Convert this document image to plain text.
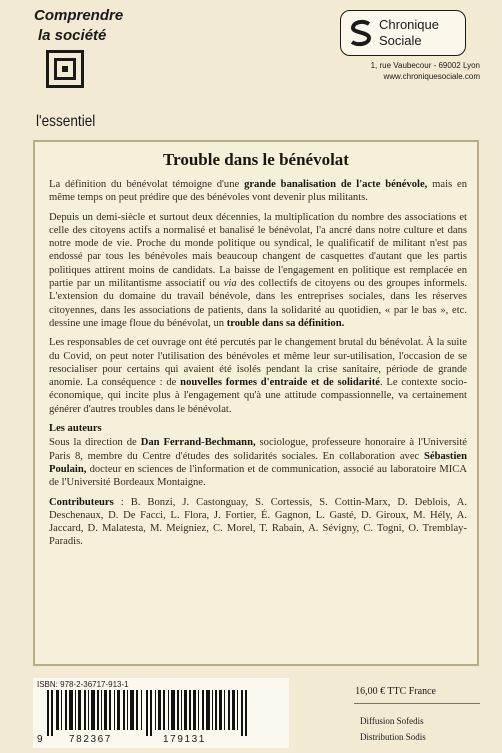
Comprendre
la société
l'essentiel
Chronique
Sociale
1, rue Vaubecour - 69002 Lyon
www.chroniquesociale.com
Trouble dans le bénévolat

La définition du bénévolat témoigne d'une grande banalisation de l'acte bénévole, mais en même temps on peut prédire que des bénévoles vont devenir plus militants.

Depuis un demi-siècle et surtout deux décennies, la multiplication du nombre des associations et celle des citoyens actifs a normalisé et banalisé le bénévolat, l'a ancré dans notre culture et dans notre mode de vie. Proche du monde politique ou syndical, le qualificatif de militant n'est pas endossé par tous les bénévoles mais beaucoup changent de casquettes d'autant que les partis politiques attirent moins de candidats. La baisse de l'engagement en politique est remplacée en partie par un militantisme associatif ou via des collectifs de citoyens ou des groupes informels. L'extension du domaine du travail bénévole, dans les entreprises sociales, dans les réserves citoyennes, dans les associations de patients, dans la solidarité au quotidien, « par le bas », etc. dessine une image floue du bénévolat, un trouble dans sa définition.

Les responsables de cet ouvrage ont été percutés par le changement brutal du bénévolat. À la suite du Covid, on peut noter l'utilisation des bénévoles et même leur sur-utilisation, l'occasion de se resocialiser pour certains qui avaient été isolés pendant la crise sanitaire, période de grande anomie. La conséquence : de nouvelles formes d'entraide et de solidarité. Le contexte socio-économique, qui incite plus à l'engagement qu'à une attitude compassionnelle, va certainement générer d'autres troubles dans le bénévolat.

Les auteurs

Sous la direction de Dan Ferrand-Bechmann, sociologue, professeure honoraire à l'Université Paris 8, membre du Centre d'études des solidarités sociales. En collaboration avec Sébastien Poulain, docteur en sciences de l'information et de communication, associé au laboratoire MICA de l'Université Bordeaux Montaigne.

Contributeurs : B. Bonzi, J. Castonguay, S. Cortessis, S. Cottin-Marx, D. Deblois, A. Deschenaux, D. De Facci, L. Flora, J. Fortier, É. Gagnon, L. Gasté, D. Giroux, M. Hély, A. Jaccard, D. Malatesta, M. Meigniez, C. Morel, T. Rabain, A. Sévigny, C. Togni, O. Tremblay-Paradis.

ISBN: 978-2-36717-913-1
9	782367	179131
16,00 € TTC France
Diffusion Sofedis
Distribution Sodis
